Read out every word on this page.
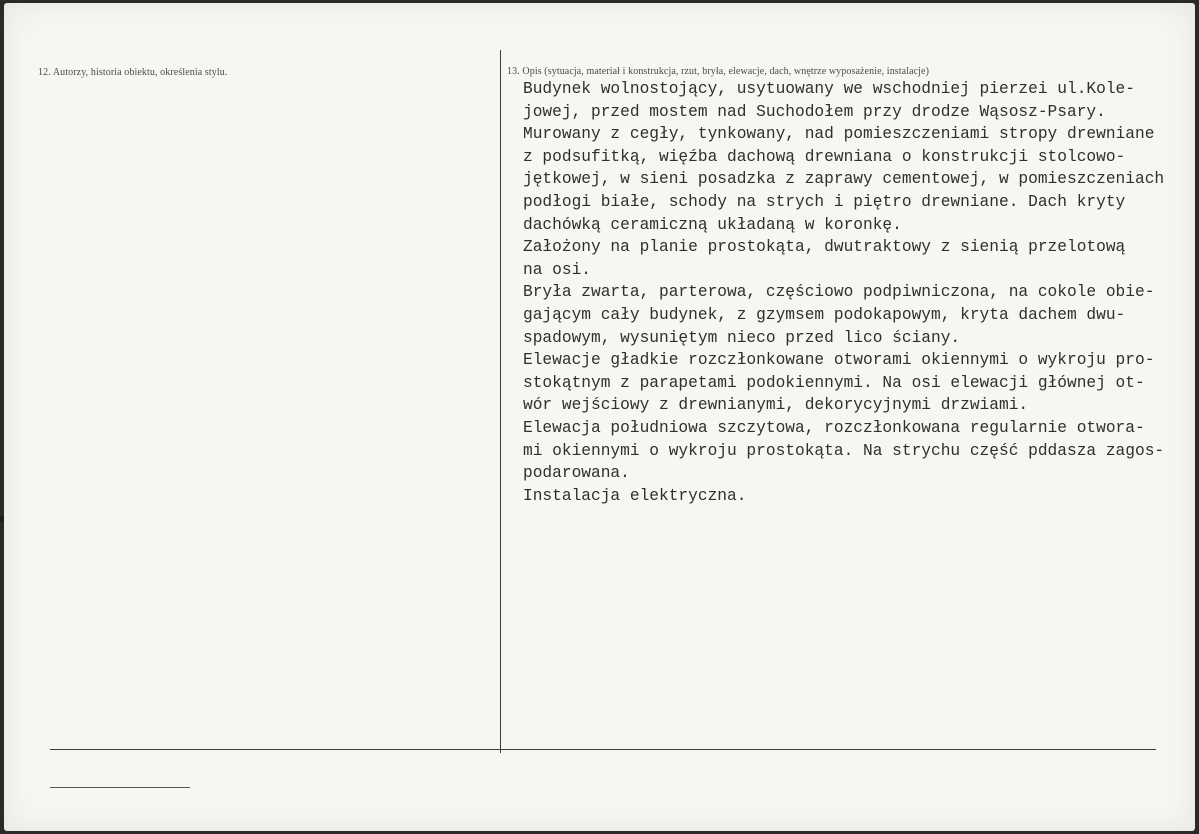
12. Autorzy, historia obiektu, określenia stylu.	13. Opis (sytuacja, materiał i konstrukcja, rzut, bryła, elewacje, dach, wnętrze wyposażenie, instalacje)
Budynek wolnostojący, usytuowany we wschodniej pierzei ul.Kole-
jowej, przed mostem nad Suchodołem przy drodze Wąsosz-Psary.
Murowany z cegły, tynkowany, nad pomieszczeniami stropy drewniane
z podsufitką, więźba dachową drewniana o konstrukcji stolcowo-
jętkowej, w sieni posadzka z zaprawy cementowej, w pomieszczeniach
podłogi białe, schody na strych i piętro drewniane. Dach kryty
dachówką ceramiczną układaną w koronkę.
Założony na planie prostokąta, dwutraktowy z sienią przelotową
na osi.
Bryła zwarta, parterowa, częściowo podpiwniczona, na cokole obie-
gającym cały budynek, z gzymsem podokapowym, kryta dachem dwu-
spadowym, wysuniętym nieco przed lico ściany.
Elewacje gładkie rozczłonkowane otworami okiennymi o wykroju pro-
stokątnym z parapetami podokiennymi. Na osi elewacji głównej ot-
wór wejściowy z drewnianymi, dekorycyjnymi drzwiami.
Elewacja południowa szczytowa, rozczłonkowana regularnie otwora-
mi okiennymi o wykroju prostokąta. Na strychu część pddasza zagos-
podarowana.
Instalacja elektryczna.
